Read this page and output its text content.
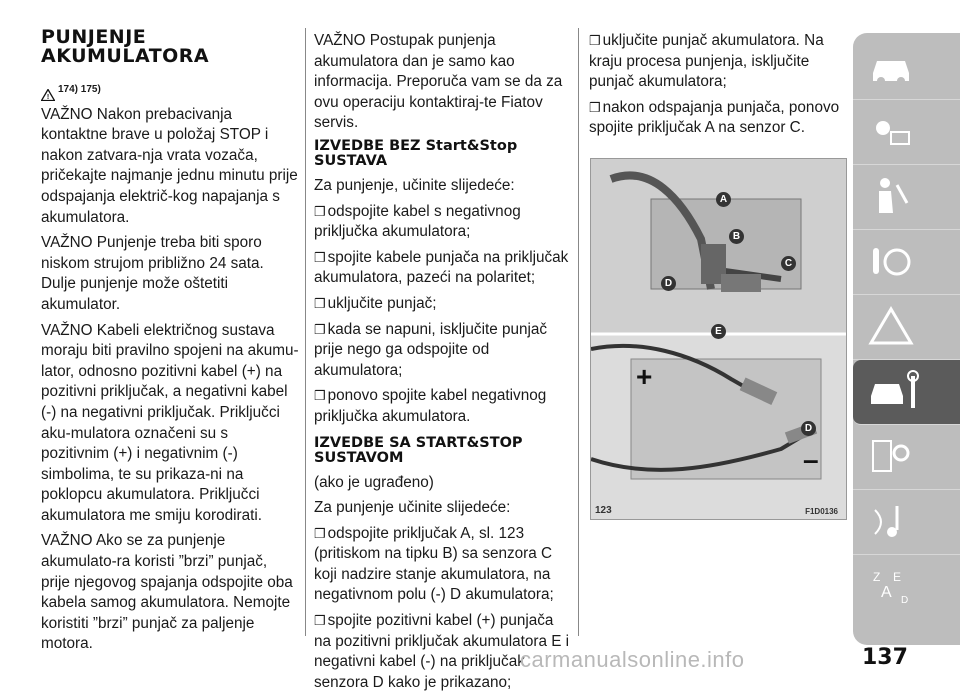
PUNJENJE AKUMULATORA
!
174) 175)

VAŽNO Nakon prebacivanja kontaktne brave u položaj STOP i nakon zatvara-nja vrata vozača, pričekajte najmanje jednu minutu prije odspajanja električ-kog napajanja s akumulatora.

VAŽNO Punjenje treba biti sporo niskom strujom približno 24 sata. Dulje punjenje može oštetiti akumulator.

VAŽNO Kabeli električnog sustava moraju biti pravilno spojeni na akumu-lator, odnosno pozitivni kabel (+) na pozitivni priključak, a negativni kabel (-) na negativni priključak. Priključci aku-mulatora označeni su s pozitivnim (+) i negativnim (-) simbolima, te su prikaza-ni na poklopcu akumulatora. Priključci akumulatora me smiju korodirati.

VAŽNO Ako se za punjenje akumulato-ra koristi ”brzi” punjač, prije njegovog spajanja odspojite oba kabela samog akumulatora. Nemojte koristiti ”brzi” punjač za paljenje motora.

VAŽNO Postupak punjenja akumulatora dan je samo kao informacija. Preporuča vam se da za ovu operaciju kontaktiraj-te Fiatov servis.

IZVEDBE BEZ Start&Stop SUSTAVA

Za punjenje, učinite slijedeće:

❒ odspojite kabel s negativnog priključka akumulatora;

❒ spojite kabele punjača na priključak akumulatora, pazeći na polaritet;

❒ uključite punjač;

❒ kada se napuni, isključite punjač prije nego ga odspojite od akumulatora;

❒ ponovo spojite kabel negativnog priključka akumulatora.

IZVEDBE SA START&STOP SUSTAVOM

(ako je ugrađeno)

Za punjenje učinite slijedeće:

❒ odspojite priključak A, sl. 123 (pritiskom na tipku B) sa senzora C koji nadzire stanje akumulatora, na negativnom polu (-) D akumulatora;

❒ spojite pozitivni kabel (+) punjača na pozitivni priključak akumulatora E i negativni kabel (-) na priključak senzora D kako je prikazano;

❒ uključite punjač akumulatora. Na kraju procesa punjenja, isključite punjač akumulatora;

❒ nakon odspajanja punjača, ponovo spojite priključak A na senzor C.

A
B
C
D
E
D
+
–
123	F1D0136
Z E
A D
137
carmanualsonline.info
